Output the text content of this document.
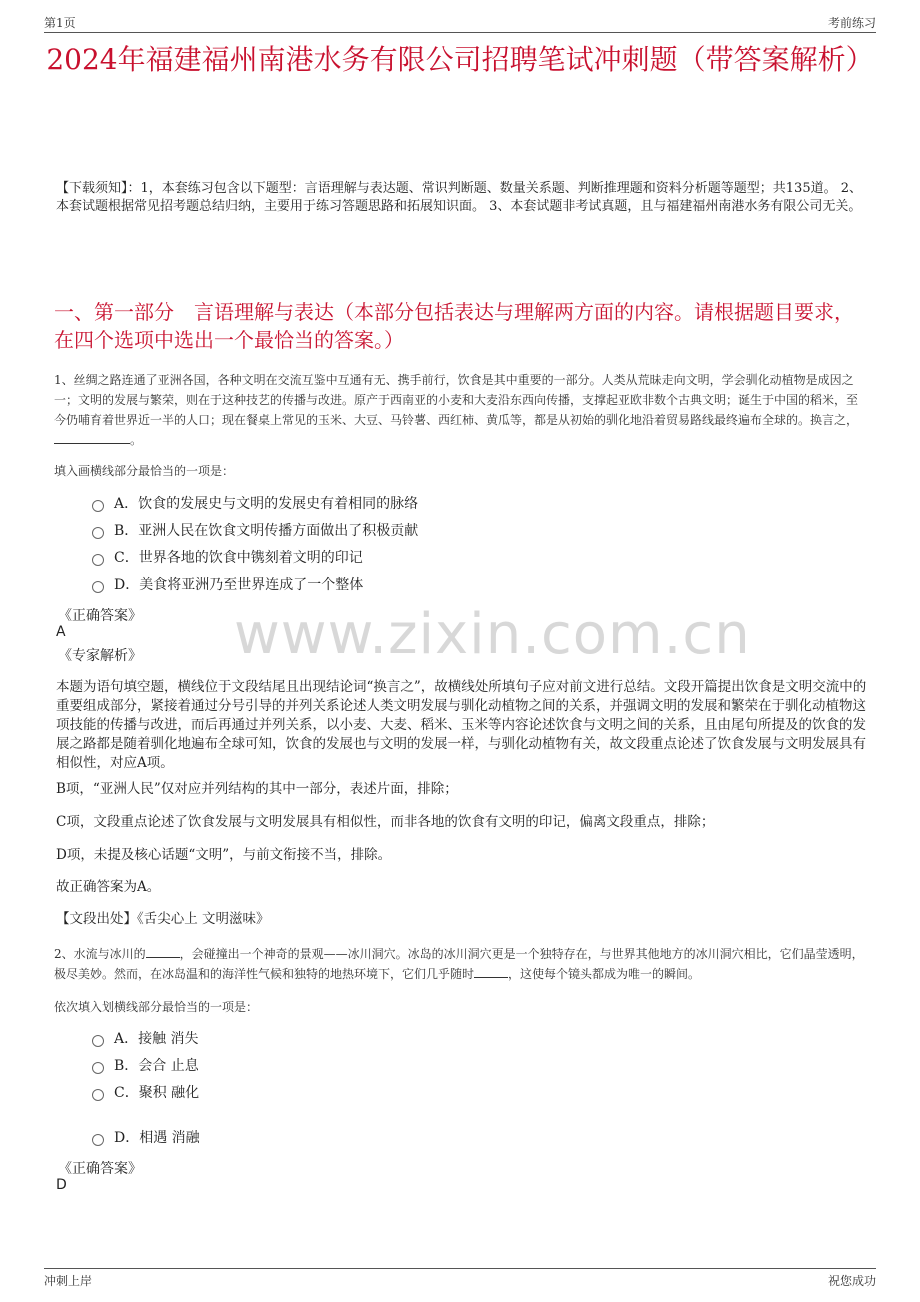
第1页	考前练习
2024年福建福州南港水务有限公司招聘笔试冲刺题（带答案解析）
【下载须知】：1，本套练习包含以下题型：言语理解与表达题、常识判断题、数量关系题、判断推理题和资料分析题等题型；共135道。 2、本套试题根据常见招考题总结归纳，主要用于练习答题思路和拓展知识面。 3、本套试题非考试真题，且与福建福州南港水务有限公司无关。
一、第一部分　言语理解与表达（本部分包括表达与理解两方面的内容。请根据题目要求，在四个选项中选出一个最恰当的答案。）
1、丝绸之路连通了亚洲各国，各种文明在交流互鉴中互通有无、携手前行，饮食是其中重要的一部分。人类从荒昧走向文明，学会驯化动植物是成因之一；文明的发展与繁荣，则在于这种技艺的传播与改进。原产于西南亚的小麦和大麦沿东西向传播，支撑起亚欧非数个古典文明；诞生于中国的稻米，至今仍哺育着世界近一半的人口；现在餐桌上常见的玉米、大豆、马铃薯、西红柿、黄瓜等，都是从初始的驯化地沿着贸易路线最终遍布全球的。换言之，。
填入画横线部分最恰当的一项是：
A．饮食的发展史与文明的发展史有着相同的脉络
B．亚洲人民在饮食文明传播方面做出了积极贡献
C．世界各地的饮食中镌刻着文明的印记
D．美食将亚洲乃至世界连成了一个整体
《正确答案》
A	www.zixin.com.cn
《专家解析》
本题为语句填空题，横线位于文段结尾且出现结论词“换言之”，故横线处所填句子应对前文进行总结。文段开篇提出饮食是文明交流中的重要组成部分，紧接着通过分号引导的并列关系论述人类文明发展与驯化动植物之间的关系，并强调文明的发展和繁荣在于驯化动植物这项技能的传播与改进，而后再通过并列关系，以小麦、大麦、稻米、玉米等内容论述饮食与文明之间的关系，且由尾句所提及的饮食的发展之路都是随着驯化地遍布全球可知，饮食的发展也与文明的发展一样，与驯化动植物有关，故文段重点论述了饮食发展与文明发展具有相似性，对应A项。
B项，“亚洲人民”仅对应并列结构的其中一部分，表述片面，排除；
C项，文段重点论述了饮食发展与文明发展具有相似性，而非各地的饮食有文明的印记，偏离文段重点，排除；
D项，未提及核心话题“文明”，与前文衔接不当，排除。
故正确答案为A。
【文段出处】《舌尖心上 文明滋味》
2、水流与冰川的	，会碰撞出一个神奇的景观——冰川洞穴。冰岛的冰川洞穴更是一个独特存在，与世界其他地方的冰川洞穴相比，它们晶莹透明，极尽美妙。然而，在冰岛温和的海洋性气候和独特的地热环境下，它们几乎随时	，这使每个镜头都成为唯一的瞬间。
依次填入划横线部分最恰当的一项是：
A．接触 消失
B．会合 止息
C．聚积 融化
D．相遇 消融
《正确答案》
D
冲刺上岸	祝您成功
